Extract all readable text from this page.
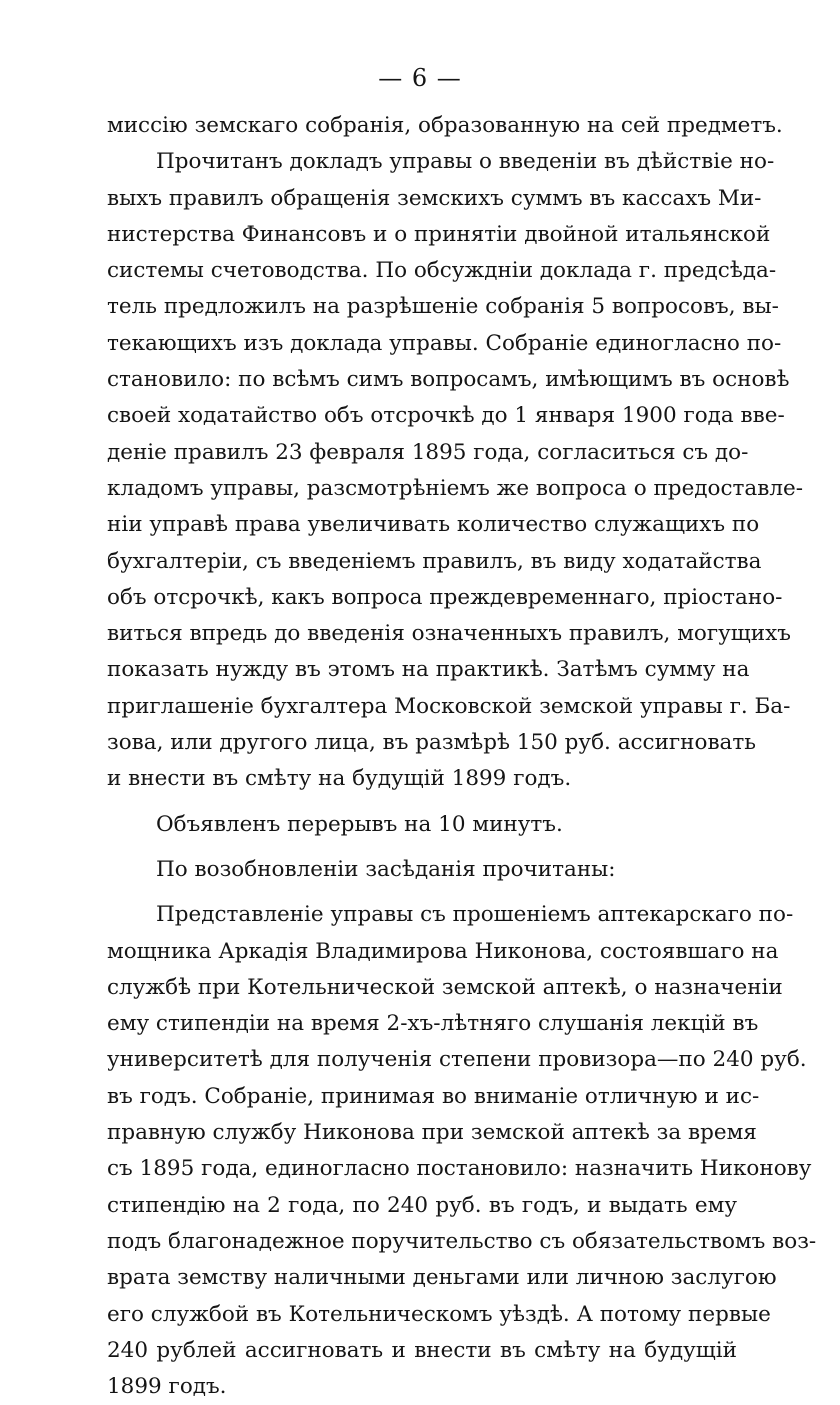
— 6 —
миссію земскаго собранія, образованную на сей предметъ.
Прочитанъ докладъ управы о введеніи въ дѣйствіе но-
выхъ правилъ обращенія земскихъ суммъ въ кассахъ Ми-
нистерства Финансовъ и о принятіи двойной итальянской
системы счетоводства. По обсуждніи доклада г. предсѣда-
тель предложилъ на разрѣшеніе собранія 5 вопросовъ, вы-
текающихъ изъ доклада управы. Собраніе единогласно по-
становило: по всѣмъ симъ вопросамъ, имѣющимъ въ основѣ
своей ходатайство объ отсрочкѣ до 1 января 1900 года вве-
деніе правилъ 23 февраля 1895 года, согласиться съ до-
кладомъ управы, разсмотрѣніемъ же вопроса о предоставле-
ніи управѣ права увеличивать количество служащихъ по
бухгалтеріи, съ введеніемъ правилъ, въ виду ходатайства
объ отсрочкѣ, какъ вопроса преждевременнаго, пріостано-
виться впредь до введенія означенныхъ правилъ, могущихъ
показать нужду въ этомъ на практикѣ. Затѣмъ сумму на
приглашеніе бухгалтера Московской земской управы г. Ба-
зова, или другого лица, въ размѣрѣ 150 руб. ассигновать
и внести въ смѣту на будущій 1899 годъ.
Объявленъ перерывъ на 10 минутъ.
По возобновленіи засѣданія прочитаны:
Представленіе управы съ прошеніемъ аптекарскаго по-
мощника Аркадія Владимирова Никонова, состоявшаго на
службѣ при Котельнической земской аптекѣ, о назначеніи
ему стипендіи на время 2-хъ-лѣтняго слушанія лекцій въ
университетѣ для полученія степени провизора—по 240 руб.
въ годъ. Собраніе, принимая во вниманіе отличную и ис-
правную службу Никонова при земской аптекѣ за время
съ 1895 года, единогласно постановило: назначить Никонову
стипендію на 2 года, по 240 руб. въ годъ, и выдать ему
подъ благонадежное поручительство съ обязательствомъ воз-
врата земству наличными деньгами или личною заслугою
его службой въ Котельническомъ уѣздѣ. А потому первые
240 рублей ассигновать и внести въ смѣту на будущій
1899 годъ.
